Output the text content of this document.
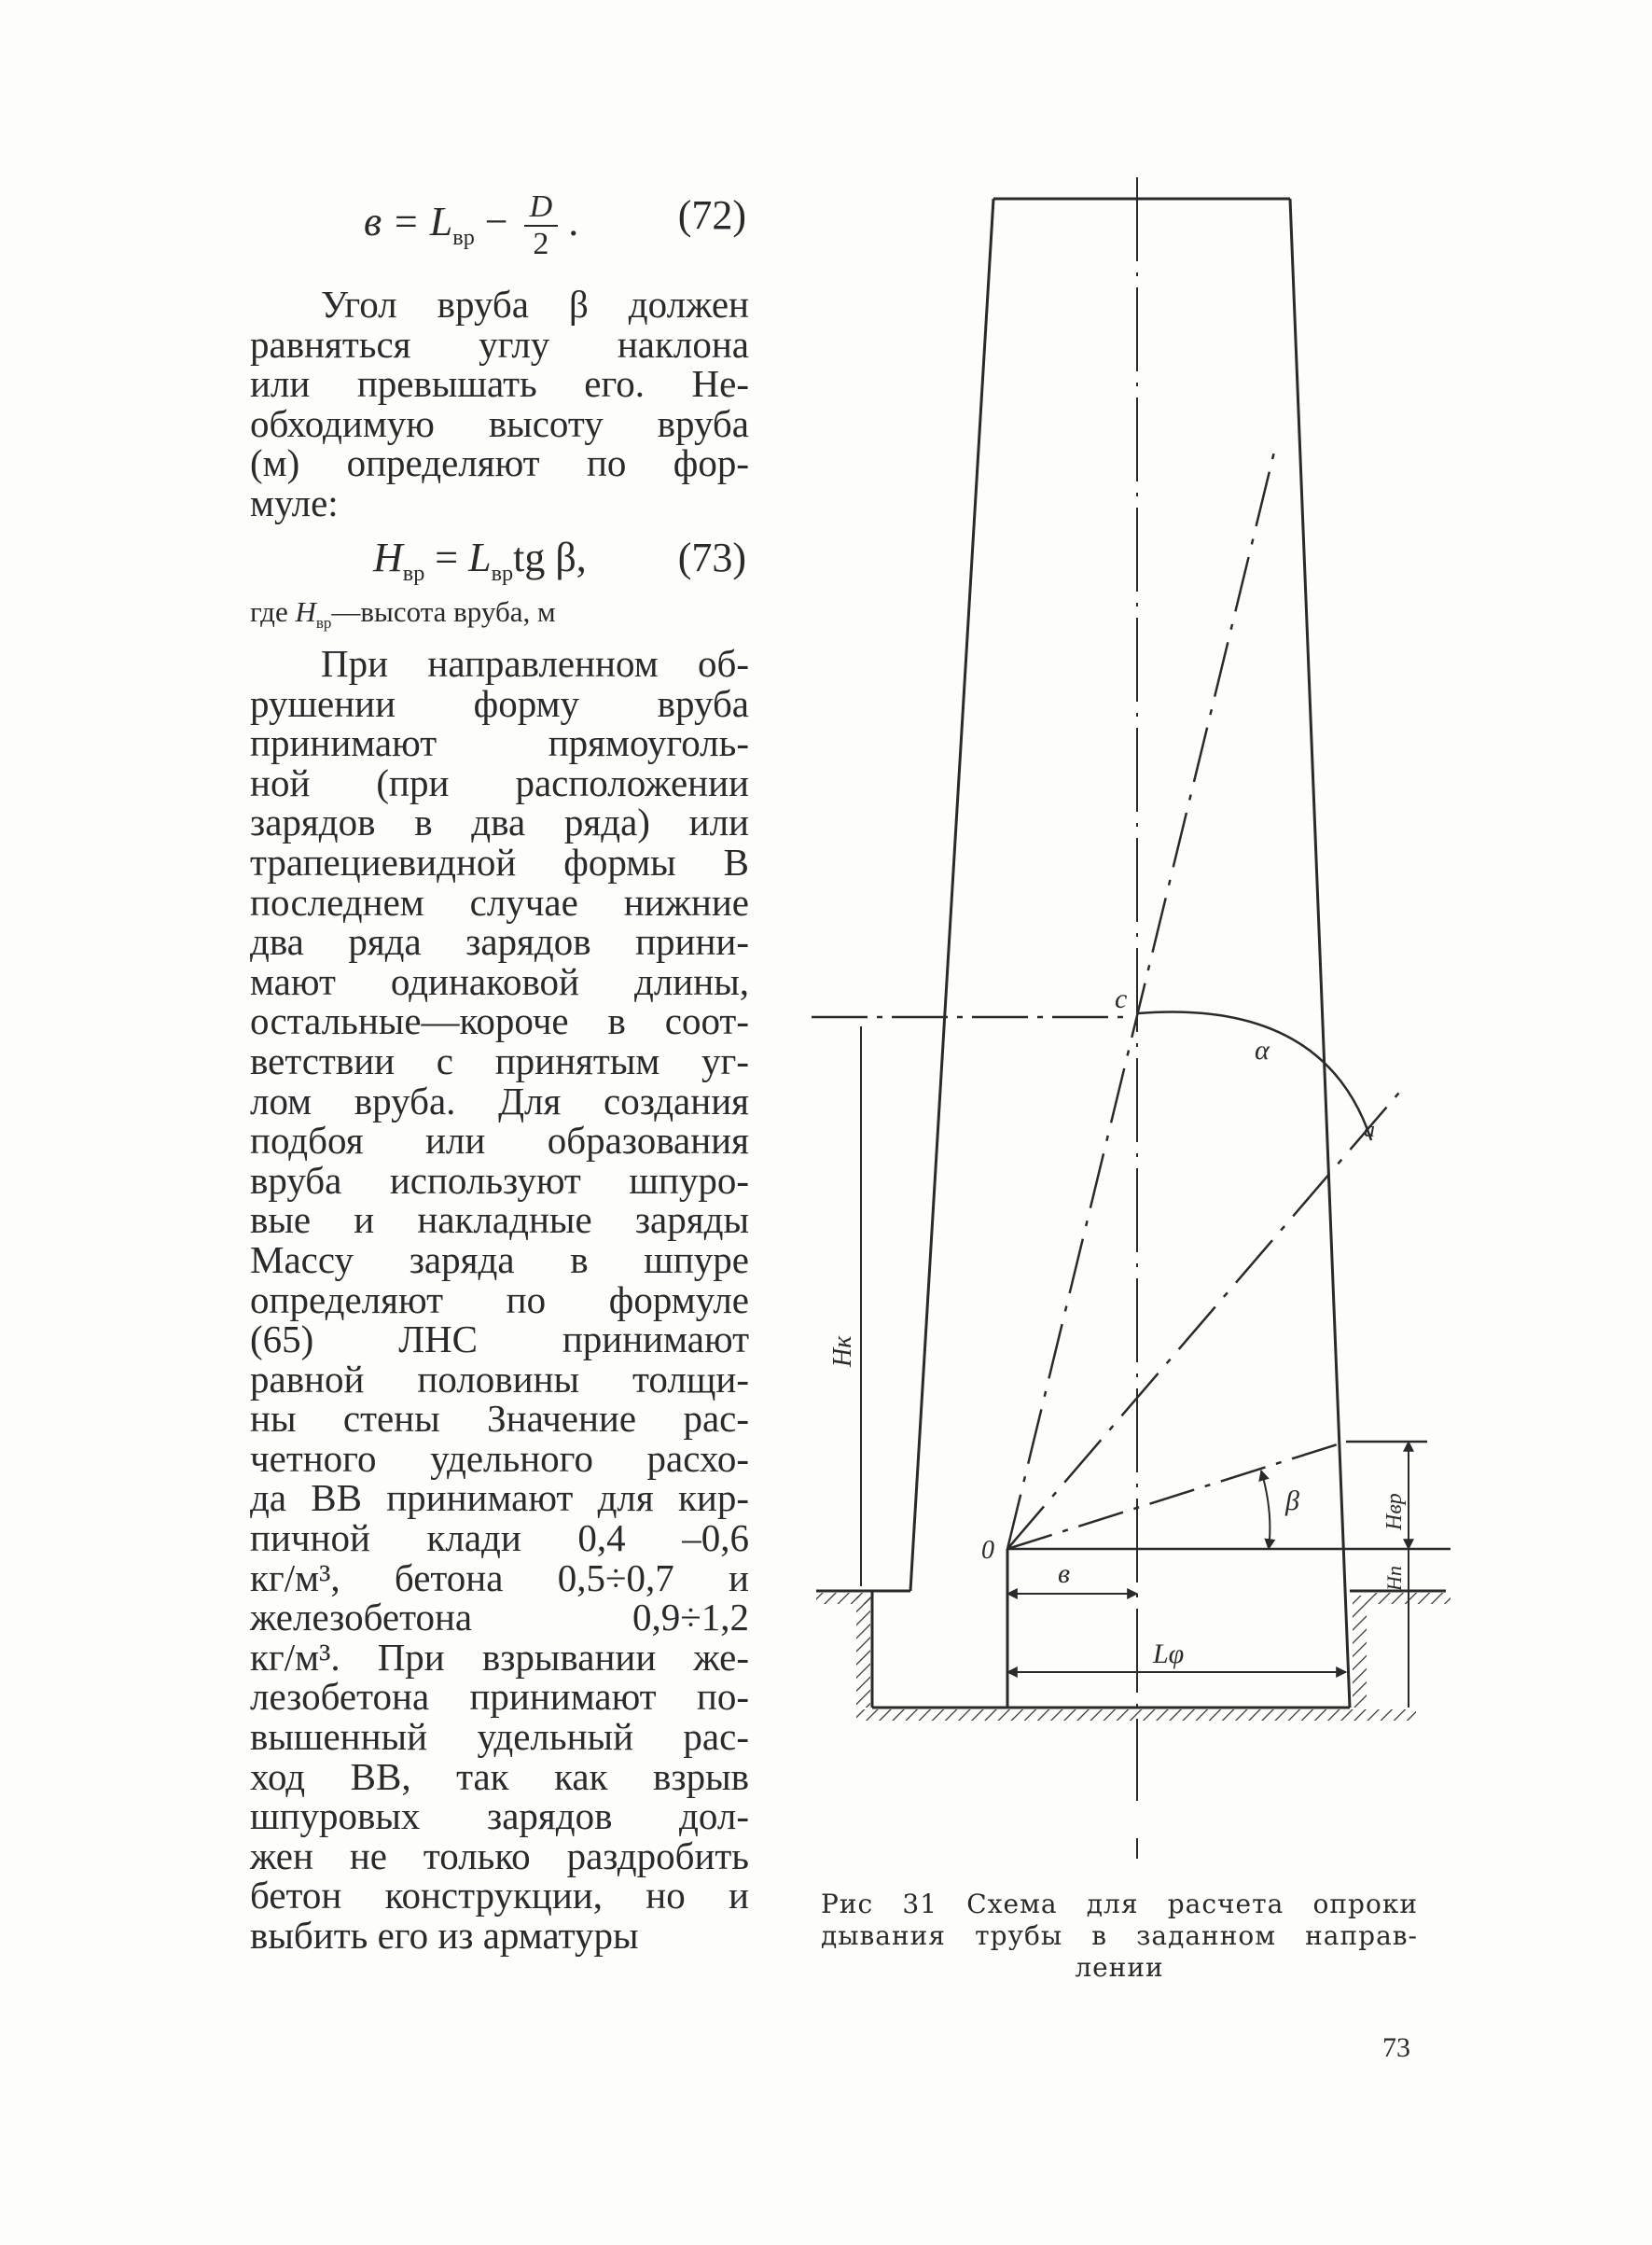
$в = L_{вр} - \frac{D}{2}$ . (72)
Угол вруба β должен
равняться углу наклона
или превышать его. Не-
обходимую высоту вруба
(м) определяют по фор-
муле:
$H_{вр} = L_{вр}tg$ β, (73)
где $H_{вр}—высота$ вруба, м
При направленном об-
рушении форму вруба
принимают прямоуголь-
ной (при расположении
зарядов в два ряда) или
трапециевидной формы В
последнем случае нижние
два ряда зарядов прини-
мают одинаковой длины,
остальные—короче в соот-
ветствии с принятым уг-
лом вруба. Для создания
подбоя или образования
вруба используют шпуро-
вые и накладные заряды
Массу заряда в шпуре
определяют по формуле
(65) ЛНС принимают
равной половины толщи-
ны стены Значение рас-
четного удельного расхо-
да ВВ принимают для кир-
пичной клади 0,4 –0,6
кг/м³, бетона 0,5÷0,7 и
железобетона 0,9÷1,2
кг/м³. При взрывании же-
лезобетона принимают по-
вышенный удельный рас-
ход ВВ, так как взрыв
шпуровых зарядов дол-
жен не только раздробить
бетон конструкции, но и
выбить его из арматуры
c
α
a
0
β
в
Lφ
Hк
Hвр
Hп
Рис 31 Схема для расчета опроки
дывания трубы в заданном направ-
лении
73
